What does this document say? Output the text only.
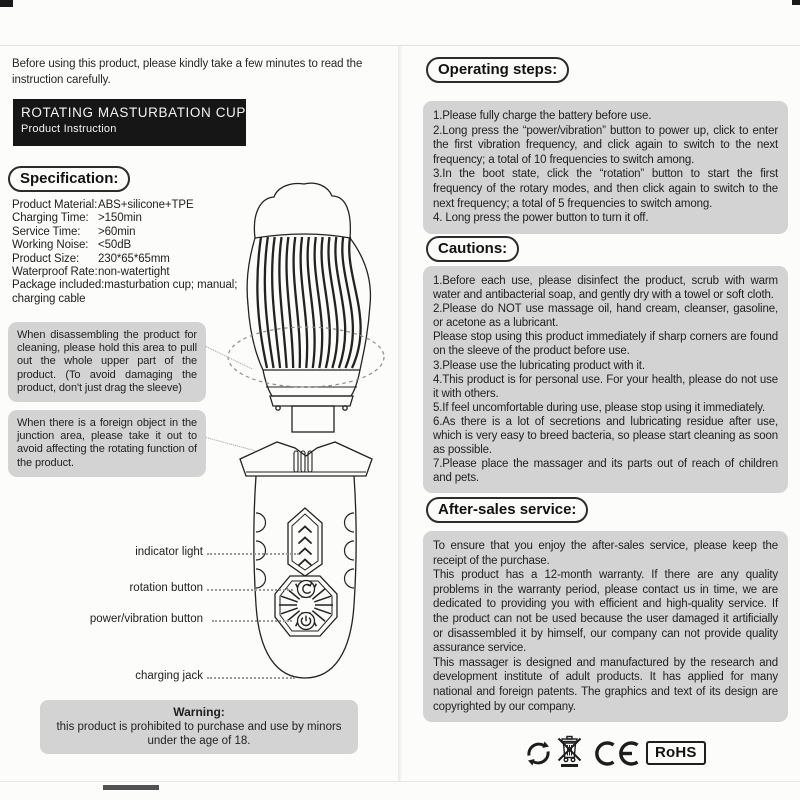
Before using this product, please kindly take a few minutes to read the instruction carefully.
ROTATING MASTURBATION CUP
Product Instruction
Specification:
Product Material:ABS+silicone+TPE
Charging Time: >150min
Service Time: >60min
Working Noise: <50dB
Product Size: 230*65*65mm
Waterproof Rate:non-watertight
Package included:masturbation cup; manual; charging cable
When disassembling the product for cleaning, please hold this area to pull out the whole upper part of the product. (To avoid damaging the product, don't just drag the sleeve)
When there is a foreign object in the junction area, please take it out to avoid affecting the rotating function of the product.
indicator light
rotation button
power/vibration button
charging jack
Warning:
this product is prohibited to purchase and use by minors under the age of 18.
Operating steps:

1.Please fully charge the battery before use.

2.Long press the “power/vibration” button to power up, click to enter the first vibration frequency, and click again to switch to the next frequency; a total of 10 frequencies to switch among.

3.In the boot state, click the “rotation” button to start the first frequency of the rotary modes, and then click again to switch to the next frequency; a total of 5 frequencies to switch among.

4. Long press the power button to turn it off.

Cautions:

1.Before each use, please disinfect the product, scrub with warm water and antibacterial soap, and gently dry with a towel or soft cloth.

2.Please do NOT use massage oil, hand cream, cleanser, gasoline, or acetone as a lubricant.

Please stop using this product immediately if sharp corners are found on the sleeve of the product before use.

3.Please use the lubricating product with it.

4.This product is for personal use. For your health, please do not use it with others.

5.If feel uncomfortable during use, please stop using it immediately.

6.As there is a lot of secretions and lubricating residue after use, which is very easy to breed bacteria, so please start cleaning as soon as possible.

7.Please place the massager and its parts out of reach of children and pets.

After-sales service:

To ensure that you enjoy the after-sales service, please keep the receipt of the purchase.

This product has a 12-month warranty. If there are any quality problems in the warranty period, please contact us in time, we are dedicated to providing you with efficient and high-quality service. If the product can not be used because the user damaged it artificially or disassembled it by himself, our company can not provide quality assurance service.

This massager is designed and manufactured by the research and development institute of adult products. It has applied for many national and foreign patents. The graphics and text of its design are copyrighted by our company.

RoHS
